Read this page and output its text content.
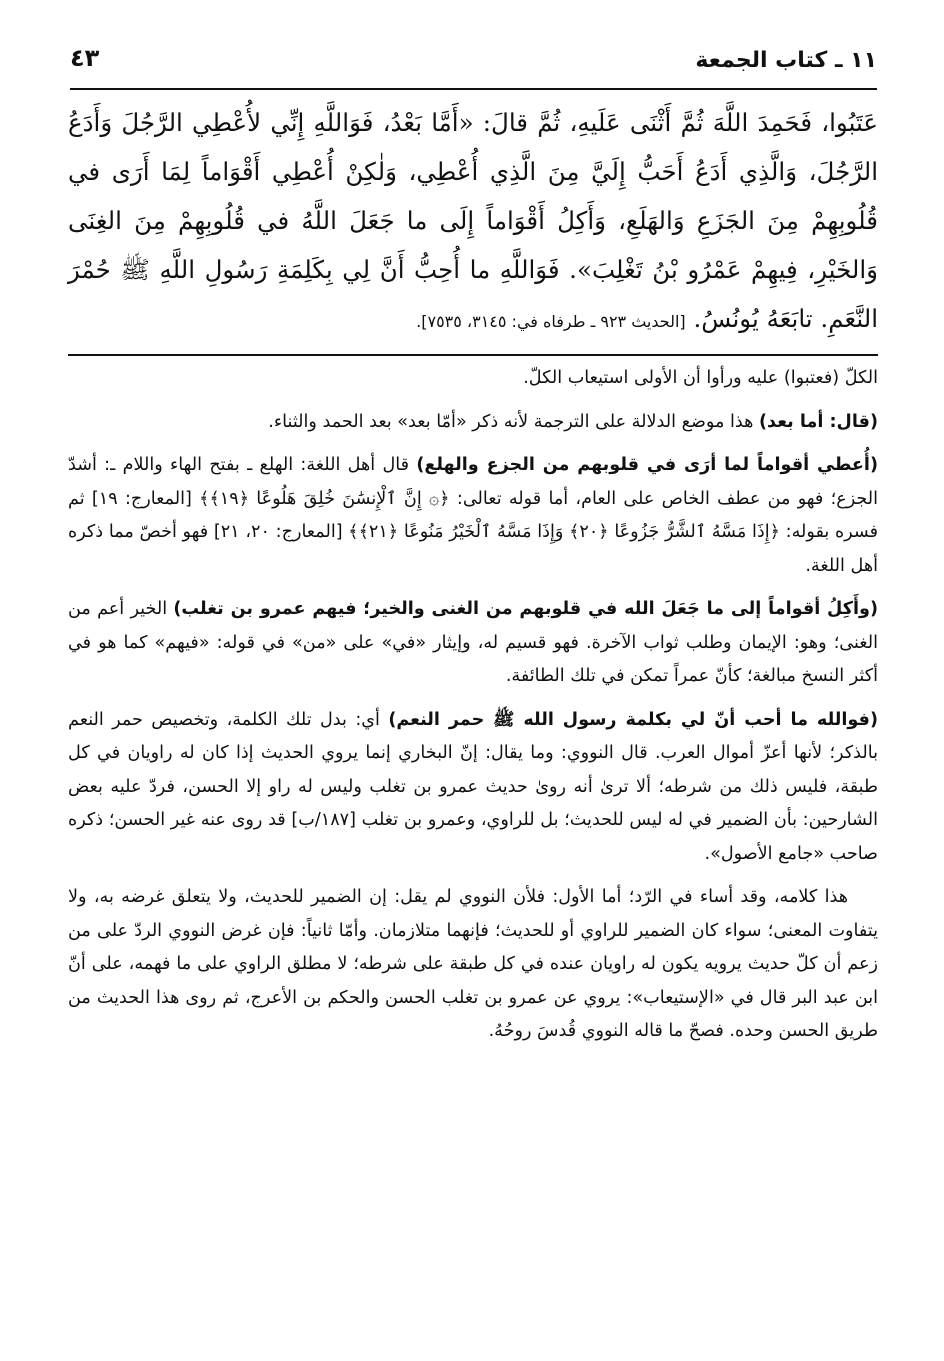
١١ ـ كتاب الجمعة
٤٣
عَتَبُوا، فَحَمِدَ اللَّهَ ثُمَّ أَثْنَى عَلَيهِ، ثُمَّ قالَ: «أَمَّا بَعْدُ، فَوَاللَّهِ إِنِّي لأُعْطِي الرَّجُلَ وَأَدَعُ الرَّجُلَ، وَالَّذِي أَدَعُ أَحَبُّ إِلَيَّ مِنَ الَّذِي أُعْطِي، وَلٰكِنْ أُعْطِي أَقْوَاماً لِمَا أَرَى في قُلُوبِهِمْ مِنَ الجَزَعِ وَالهَلَعِ، وَأَكِلُ أَقْوَاماً إِلَى ما جَعَلَ اللَّهُ في قُلُوبِهِمْ مِنَ الغِنَى وَالخَيْرِ، فِيهِمْ عَمْرُو بْنُ تَغْلِبَ». فَوَاللَّهِ ما أُحِبُّ أَنَّ لِي بِكَلِمَةِ رَسُولِ اللَّهِ ﷺ حُمْرَ النَّعَمِ. تابَعَهُ يُونُسُ. [الحديث ٩٢٣ ـ طرفاه في: ٣١٤٥، ٧٥٣٥].

الكلّ (فعتبوا) عليه ورأوا أن الأولى استيعاب الكلّ.

(قال: أما بعد) هذا موضع الدلالة على الترجمة لأنه ذكر «أمّا بعد» بعد الحمد والثناء.

(أُعطي أقواماً لما أرَى في قلوبهم من الجزع والهلع) قال أهل اللغة: الهلع ـ بفتح الهاء واللام ـ: أشدّ الجزع؛ فهو من عطف الخاص على العام، أما قوله تعالى: ﴿۞ إِنَّ ٱلْإِنسَٰنَ خُلِقَ هَلُوعًا ﴿١٩﴾﴾ [المعارج: ١٩] ثم فسره بقوله: ﴿إِذَا مَسَّهُ ٱلشَّرُّ جَزُوعًا ﴿٢٠﴾ وَإِذَا مَسَّهُ ٱلْخَيْرُ مَنُوعًا ﴿٢١﴾﴾ [المعارج: ٢٠، ٢١] فهو أخصّ مما ذكره أهل اللغة.

(وأَكِلُ أقواماً إلى ما جَعَلَ الله في قلوبهم من الغنى والخير؛ فيهم عمرو بن تغلب) الخير أعم من الغنى؛ وهو: الإيمان وطلب ثواب الآخرة. فهو قسيم له، وإيثار «في» على «من» في قوله: «فيهم» كما هو في أكثر النسخ مبالغة؛ كأنّ عمراً تمكن في تلك الطائفة.

(فوالله ما أحب أنّ لي بكلمة رسول الله ﷺ حمر النعم) أي: بدل تلك الكلمة، وتخصيص حمر النعم بالذكر؛ لأنها أعزّ أموال العرب. قال النووي: وما يقال: إنّ البخاري إنما يروي الحديث إذا كان له راويان في كل طبقة، فليس ذلك من شرطه؛ ألا ترىٰ أنه روىٰ حديث عمرو بن تغلب وليس له راو إلا الحسن، فردّ عليه بعض الشارحين: بأن الضمير في له ليس للحديث؛ بل للراوي، وعمرو بن تغلب [١٨٧/ب] قد روى عنه غير الحسن؛ ذكره صاحب «جامع الأصول».

هذا كلامه، وقد أساء في الرّد؛ أما الأول: فلأن النووي لم يقل: إن الضمير للحديث، ولا يتعلق غرضه به، ولا يتفاوت المعنى؛ سواء كان الضمير للراوي أو للحديث؛ فإنهما متلازمان. وأمّا ثانياً: فإن غرض النووي الردّ على من زعم أن كلّ حديث يرويه يكون له راويان عنده في كل طبقة على شرطه؛ لا مطلق الراوي على ما فهمه، على أنّ ابن عبد البر قال في «الإستيعاب»: يروي عن عمرو بن تغلب الحسن والحكم بن الأعرج، ثم روى هذا الحديث من طريق الحسن وحده. فصحّ ما قاله النووي قُدسَ روحُهُ.
